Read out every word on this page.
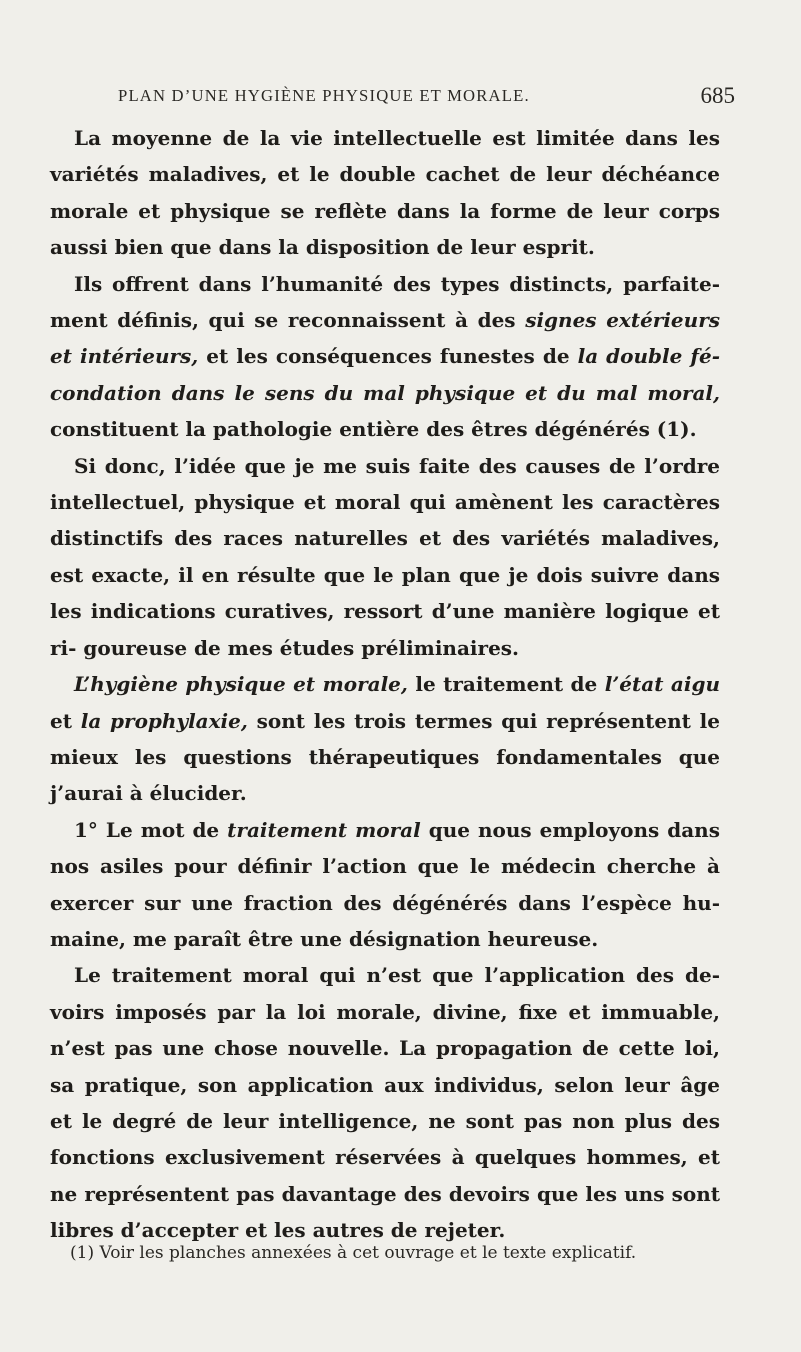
PLAN D’UNE HYGIÈNE PHYSIQUE ET MORALE.	685

La moyenne de la vie intellectuelle est limitée dans les variétés maladives, et le double cachet de leur déchéance morale et physique se reflète dans la forme de leur corps aussi bien que dans la disposition de leur esprit.

Ils offrent dans l’humanité des types distincts, parfaite- ment définis, qui se reconnaissent à des signes extérieurs et intérieurs, et les conséquences funestes de la double fé- condation dans le sens du mal physique et du mal moral, constituent la pathologie entière des êtres dégénérés (1).

Si donc, l’idée que je me suis faite des causes de l’ordre intellectuel, physique et moral qui amènent les caractères distinctifs des races naturelles et des variétés maladives, est exacte, il en résulte que le plan que je dois suivre dans les indications curatives, ressort d’une manière logique et ri- goureuse de mes études préliminaires.

L’hygiène physique et morale, le traitement de l’état aigu et la prophylaxie, sont les trois termes qui représentent le mieux les questions thérapeutiques fondamentales que j’aurai à élucider.

1° Le mot de traitement moral que nous employons dans nos asiles pour définir l’action que le médecin cherche à exercer sur une fraction des dégénérés dans l’espèce hu- maine, me paraît être une désignation heureuse.

Le traitement moral qui n’est que l’application des de- voirs imposés par la loi morale, divine, fixe et immuable, n’est pas une chose nouvelle. La propagation de cette loi, sa pratique, son application aux individus, selon leur âge et le degré de leur intelligence, ne sont pas non plus des fonctions exclusivement réservées à quelques hommes, et ne représentent pas davantage des devoirs que les uns sont libres d’accepter et les autres de rejeter.

(1) Voir les planches annexées à cet ouvrage et le texte explicatif.
